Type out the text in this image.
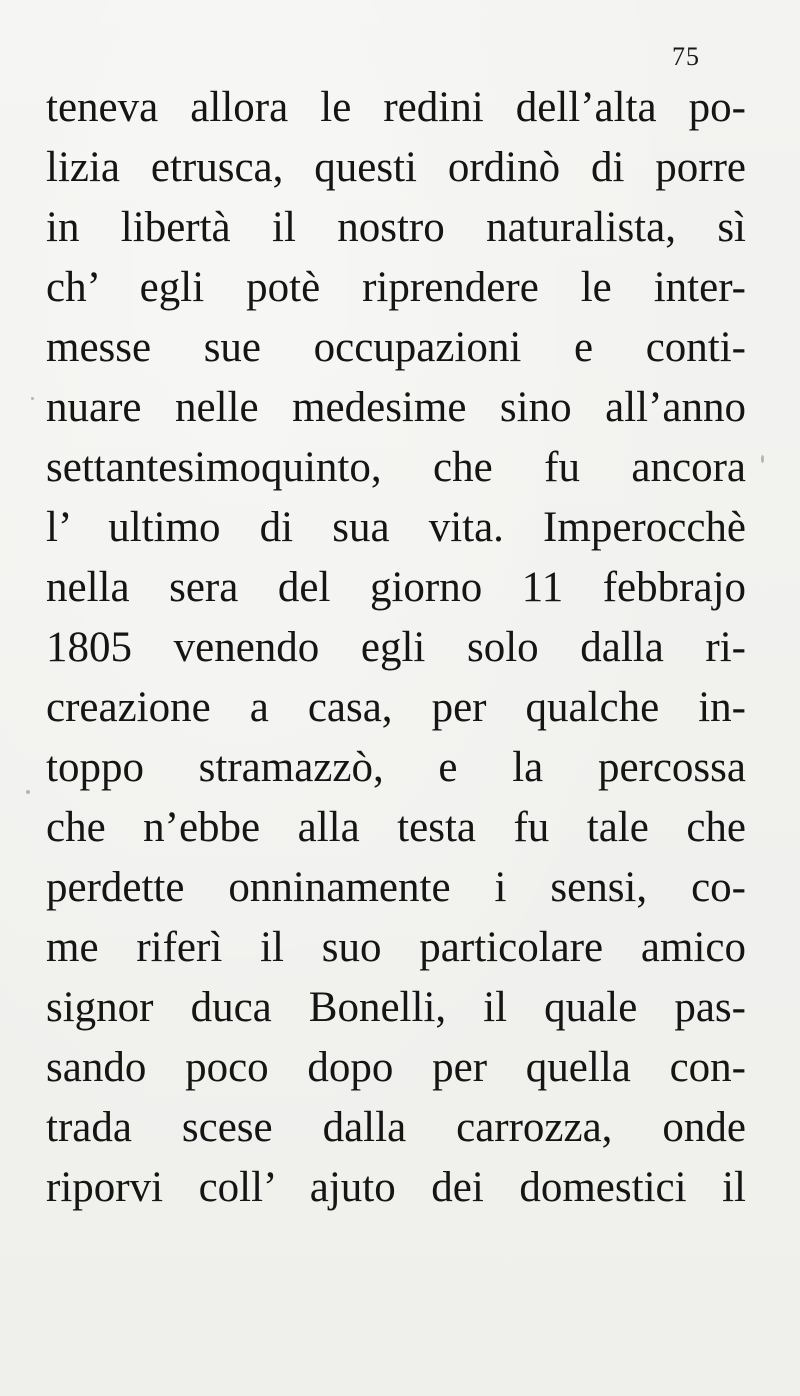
75
teneva allora le redini dell’alta po-
lizia etrusca, questi ordinò di porre
in libertà il nostro naturalista, sì
ch’ egli potè riprendere le inter-
messe sue occupazioni e conti-
nuare nelle medesime sino all’anno
settantesimoquinto, che fu ancora
l’ ultimo di sua vita. Imperocchè
nella sera del giorno 11 febbrajo
1805 venendo egli solo dalla ri-
creazione a casa, per qualche in-
toppo stramazzò, e la percossa
che n’ebbe alla testa fu tale che
perdette onninamente i sensi, co-
me riferì il suo particolare amico
signor duca Bonelli, il quale pas-
sando poco dopo per quella con-
trada scese dalla carrozza, onde
riporvi coll’ ajuto dei domestici il
